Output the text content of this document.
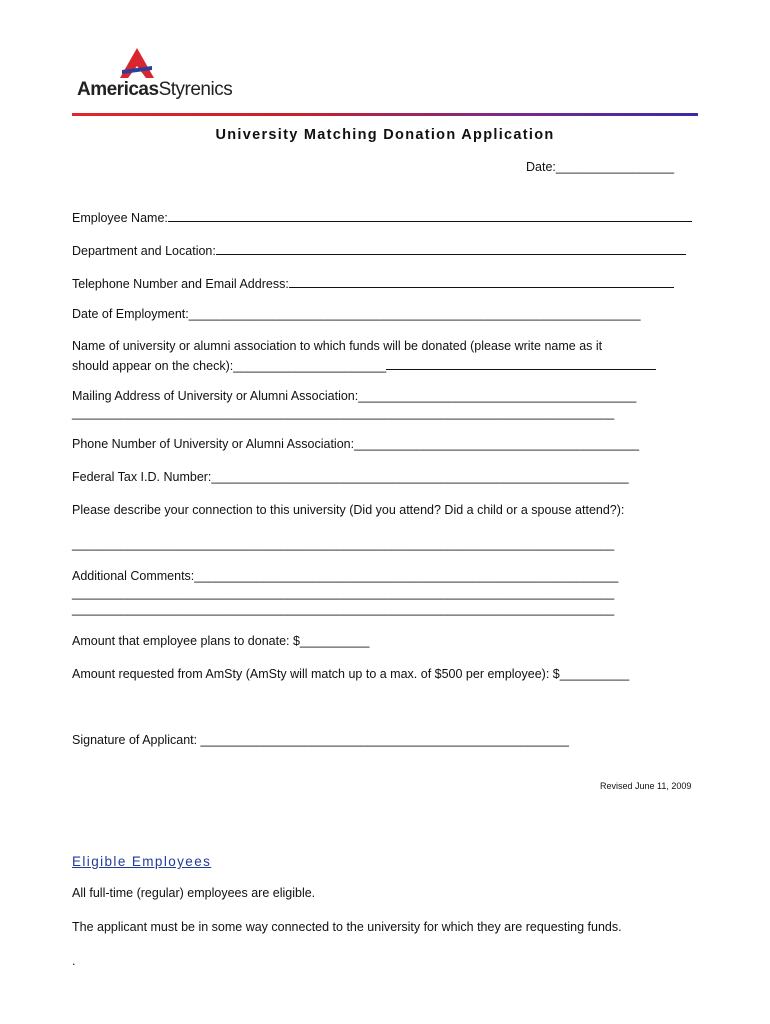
AmericasStyrenics
University Matching Donation Application
Date:_________________
Employee Name:
Department and Location:
Telephone Number and Email Address:
Date of Employment:_________________________________________________________________
Name of university or alumni association to which funds will be donated (please write name as it
should appear on the check):______________________
Mailing Address of University or Alumni Association:________________________________________
______________________________________________________________________________
Phone Number of University or Alumni Association:_________________________________________
Federal Tax I.D. Number:____________________________________________________________
Please describe your connection to this university (Did you attend? Did a child or a spouse attend?):
______________________________________________________________________________
Additional Comments:_____________________________________________________________
______________________________________________________________________________
______________________________________________________________________________
Amount that employee plans to donate: $__________
Amount requested from AmSty (AmSty will match up to a max. of $500 per employee): $__________
Signature of Applicant: _____________________________________________________
Revised June 11, 2009
Eligible Employees
All full-time (regular) employees are eligible.
The applicant must be in some way connected to the university for which they are requesting funds.
.
